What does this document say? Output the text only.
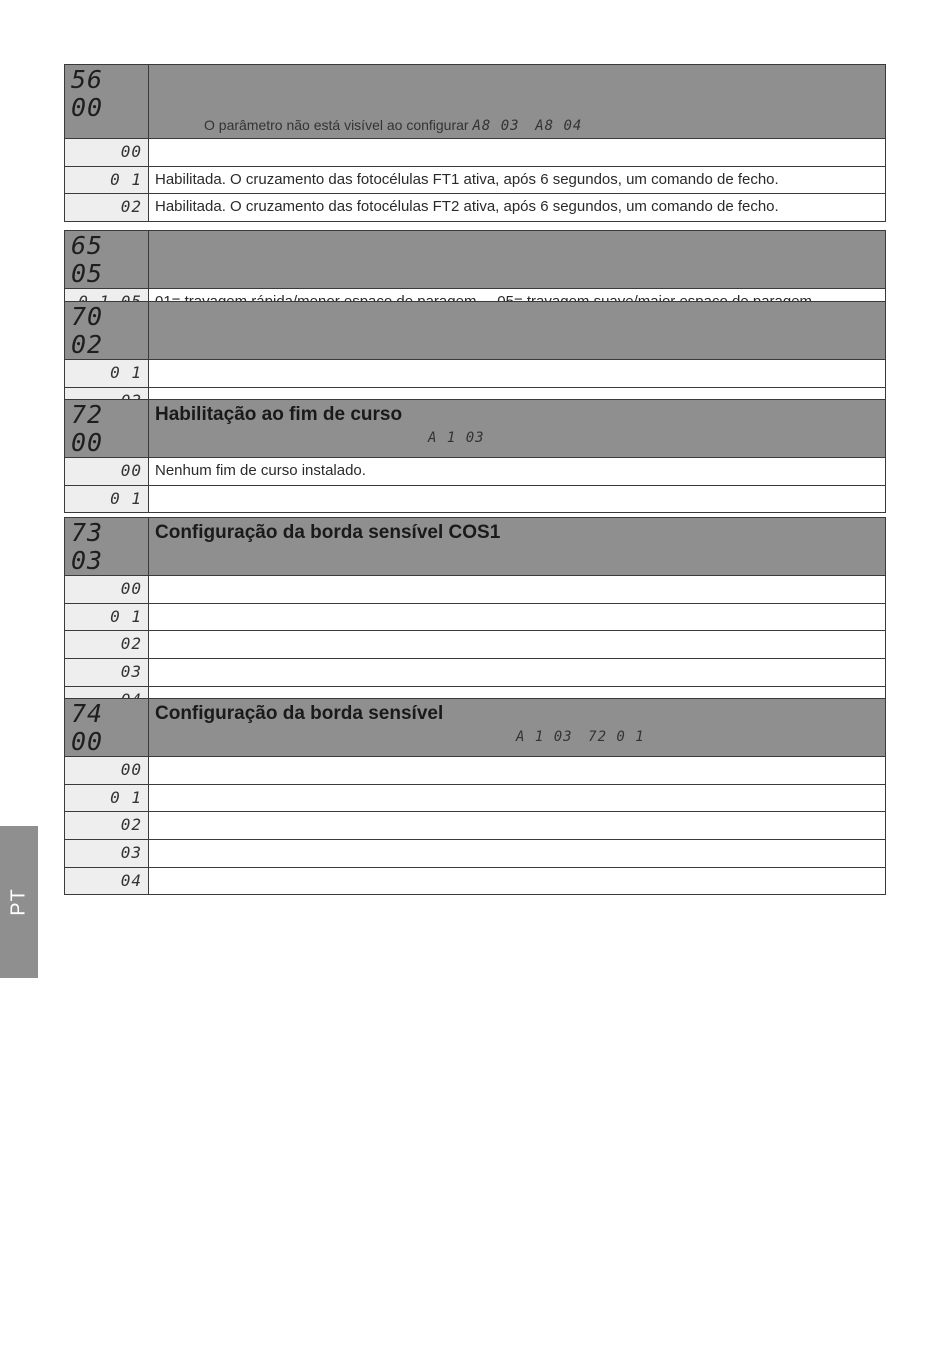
56 00	O parâmetro não está visível ao configurar A8 03 A8 04

00	
0 1	Habilitada. O cruzamento das fotocélulas FT1 ativa, após 6 segundos, um comando de fecho.
02	Habilitada. O cruzamento das fotocélulas FT2 ativa, após 6 segundos, um comando de fecho.
65 05	

70 02	

0 1	

72 00	Habilitação ao fim de curso
A 1 03

00	Nenhum fim de curso instalado.
0 1	
73 03	Configuração da borda sensível COS1

00	
0 1	
02	
03	

74 00	Configuração da borda sensível
A 1 03 72 0 1

00	
0 1	
02	
03	
04	
PT
